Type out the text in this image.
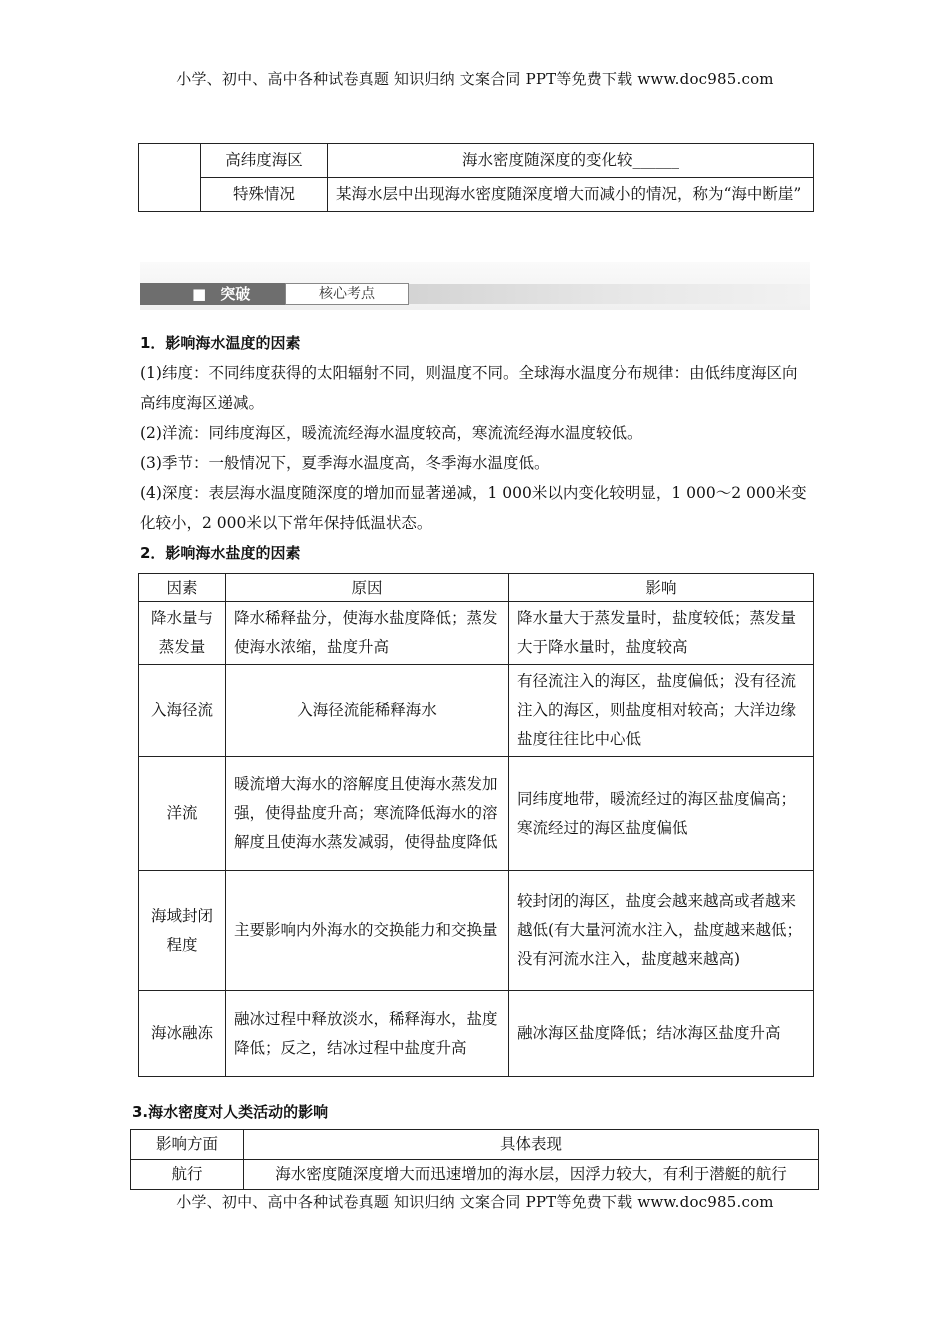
小学、初中、高中各种试卷真题 知识归纳 文案合同 PPT等免费下载 www.doc985.com
	高纬度海区	海水密度随深度的变化较______
	特殊情况	某海水层中出现海水密度随深度增大而减小的情况，称为“海中断崖”
■ 突破	核心考点
1．影响海水温度的因素
(1)纬度：不同纬度获得的太阳辐射不同，则温度不同。全球海水温度分布规律：由低纬度海区向高纬度海区递减。
(2)洋流：同纬度海区，暖流流经海水温度较高，寒流流经海水温度较低。
(3)季节：一般情况下，夏季海水温度高，冬季海水温度低。
(4)深度：表层海水温度随深度的增加而显著递减，1 000米以内变化较明显，1 000～2 000米变化较小，2 000米以下常年保持低温状态。
2．影响海水盐度的因素
因素	原因	影响
降水量与蒸发量	降水稀释盐分，使海水盐度降低；蒸发使海水浓缩，盐度升高	降水量大于蒸发量时，盐度较低；蒸发量大于降水量时，盐度较高
入海径流	入海径流能稀释海水	有径流注入的海区，盐度偏低；没有径流注入的海区，则盐度相对较高；大洋边缘盐度往往比中心低
洋流	暖流增大海水的溶解度且使海水蒸发加强，使得盐度升高；寒流降低海水的溶解度且使海水蒸发减弱，使得盐度降低	同纬度地带，暖流经过的海区盐度偏高；寒流经过的海区盐度偏低
海域封闭程度	主要影响内外海水的交换能力和交换量	较封闭的海区，盐度会越来越高或者越来越低(有大量河流水注入，盐度越来越低；没有河流水注入，盐度越来越高)
海冰融冻	融冰过程中释放淡水，稀释海水，盐度降低；反之，结冰过程中盐度升高	融冰海区盐度降低；结冰海区盐度升高
3.海水密度对人类活动的影响
影响方面	具体表现
航行	海水密度随深度增大而迅速增加的海水层，因浮力较大，有利于潜艇的航行
小学、初中、高中各种试卷真题 知识归纳 文案合同 PPT等免费下载 www.doc985.com
